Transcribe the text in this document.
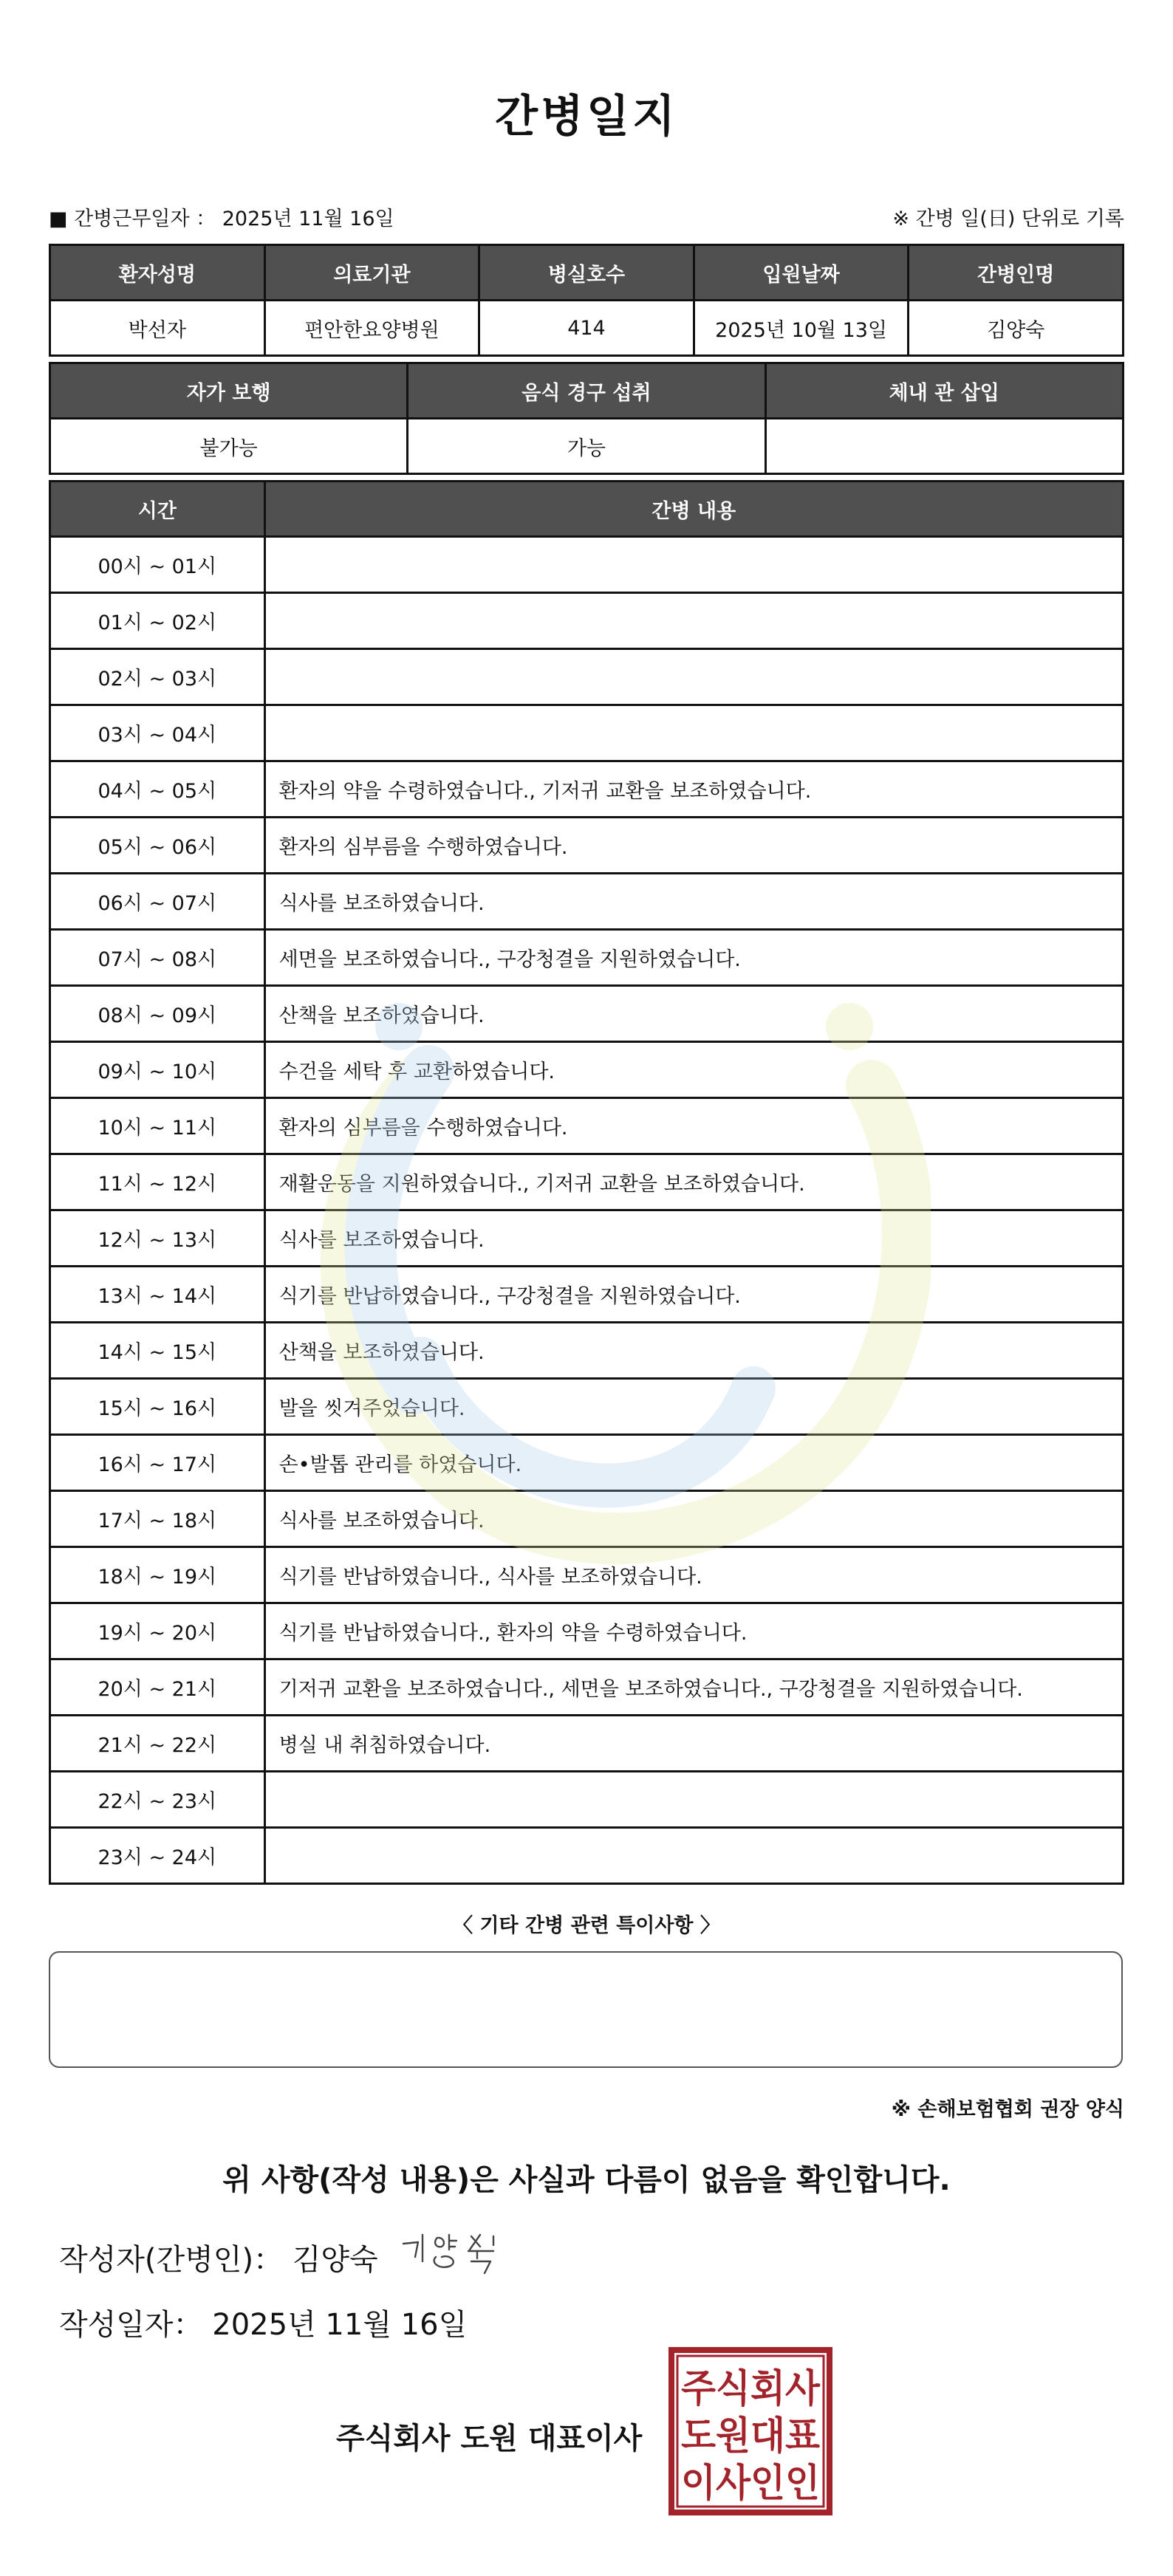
간병일지
■ 간병근무일자 ： 2025년 11월 16일	※ 간병 일(日) 단위로 기록
환자성명	의료기관	병실호수	입원날짜	간병인명
박선자	편안한요양병원	414	2025년 10월 13일	김양숙
자가 보행	음식 경구 섭취	체내 관 삽입
불가능	가능	
시간	간병 내용
00시 ~ 01시	
01시 ~ 02시	
02시 ~ 03시	
03시 ~ 04시	
04시 ~ 05시	환자의 약을 수령하였습니다., 기저귀 교환을 보조하였습니다.
05시 ~ 06시	환자의 심부름을 수행하였습니다.
06시 ~ 07시	식사를 보조하였습니다.
07시 ~ 08시	세면을 보조하였습니다., 구강청결을 지원하였습니다.
08시 ~ 09시	산책을 보조하였습니다.
09시 ~ 10시	수건을 세탁 후 교환하였습니다.
10시 ~ 11시	환자의 심부름을 수행하였습니다.
11시 ~ 12시	재활운동을 지원하였습니다., 기저귀 교환을 보조하였습니다.
12시 ~ 13시	식사를 보조하였습니다.
13시 ~ 14시	식기를 반납하였습니다., 구강청결을 지원하였습니다.
14시 ~ 15시	산책을 보조하였습니다.
15시 ~ 16시	발을 씻겨주었습니다.
16시 ~ 17시	손•발톱 관리를 하였습니다.
17시 ~ 18시	식사를 보조하였습니다.
18시 ~ 19시	식기를 반납하였습니다., 식사를 보조하였습니다.
19시 ~ 20시	식기를 반납하였습니다., 환자의 약을 수령하였습니다.
20시 ~ 21시	기저귀 교환을 보조하였습니다., 세면을 보조하였습니다., 구강청결을 지원하였습니다.
21시 ~ 22시	병실 내 취침하였습니다.
22시 ~ 23시	
23시 ~ 24시	
〈 기타 간병 관련 특이사항 〉
※ 손해보험협회 권장 양식
위 사항(작성 내용)은 사실과 다름이 없음을 확인합니다.
작성자(간병인)： 김양숙
작성일자： 2025년 11월 16일
주식회사 도원 대표이사
주식회사
도원대표
이사인인
